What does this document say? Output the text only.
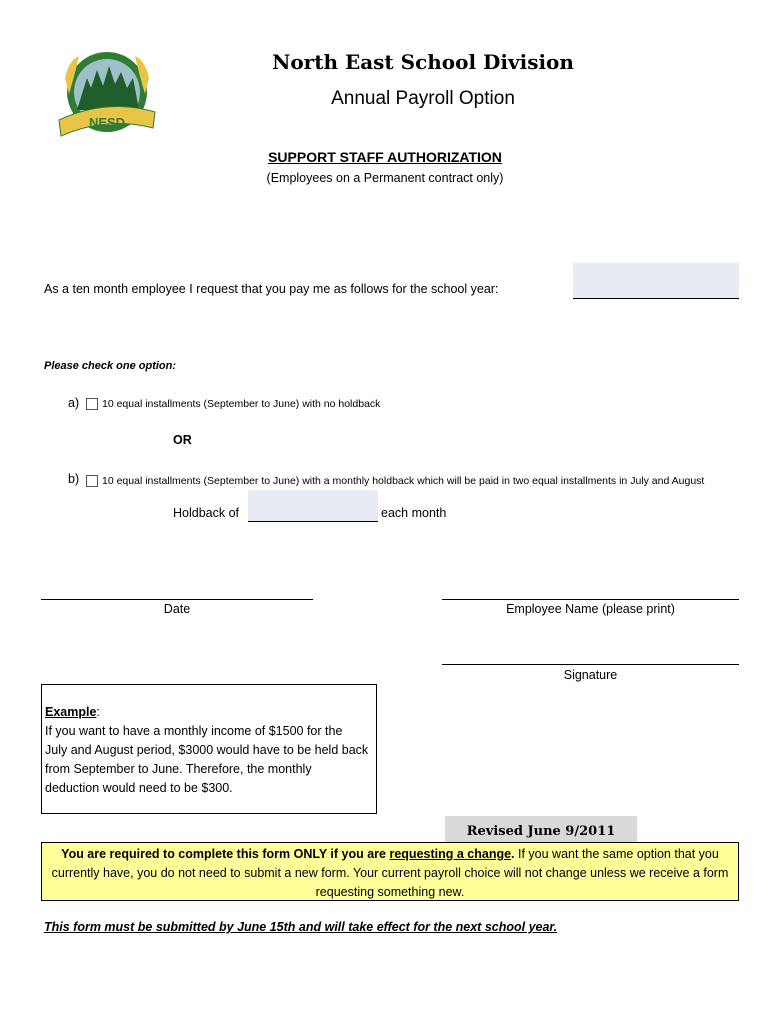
NESD
North East School Division
Annual Payroll Option
SUPPORT STAFF AUTHORIZATION
(Employees on a Permanent contract only)
As a ten month employee I request that you pay me as follows for the school year:
Please check one option:
a) 10 equal installments (September to June) with no holdback
OR
b) 10 equal installments (September to June) with a monthly holdback which will be paid in two equal installments in July and August
Holdback of	each month
Date	Employee Name (please print)
Signature
Example:
If you want to have a monthly income of $1500 for the
July and August period, $3000 would have to be held back
from September to June. Therefore, the monthly
deduction would need to be $300.
Revised June 9/2011
You are required to complete this form ONLY if you are requesting a change. If you want the same option that you currently have, you do not need to submit a new form. Your current payroll choice will not change unless we receive a form requesting something new.
This form must be submitted by June 15th and will take effect for the next school year.
